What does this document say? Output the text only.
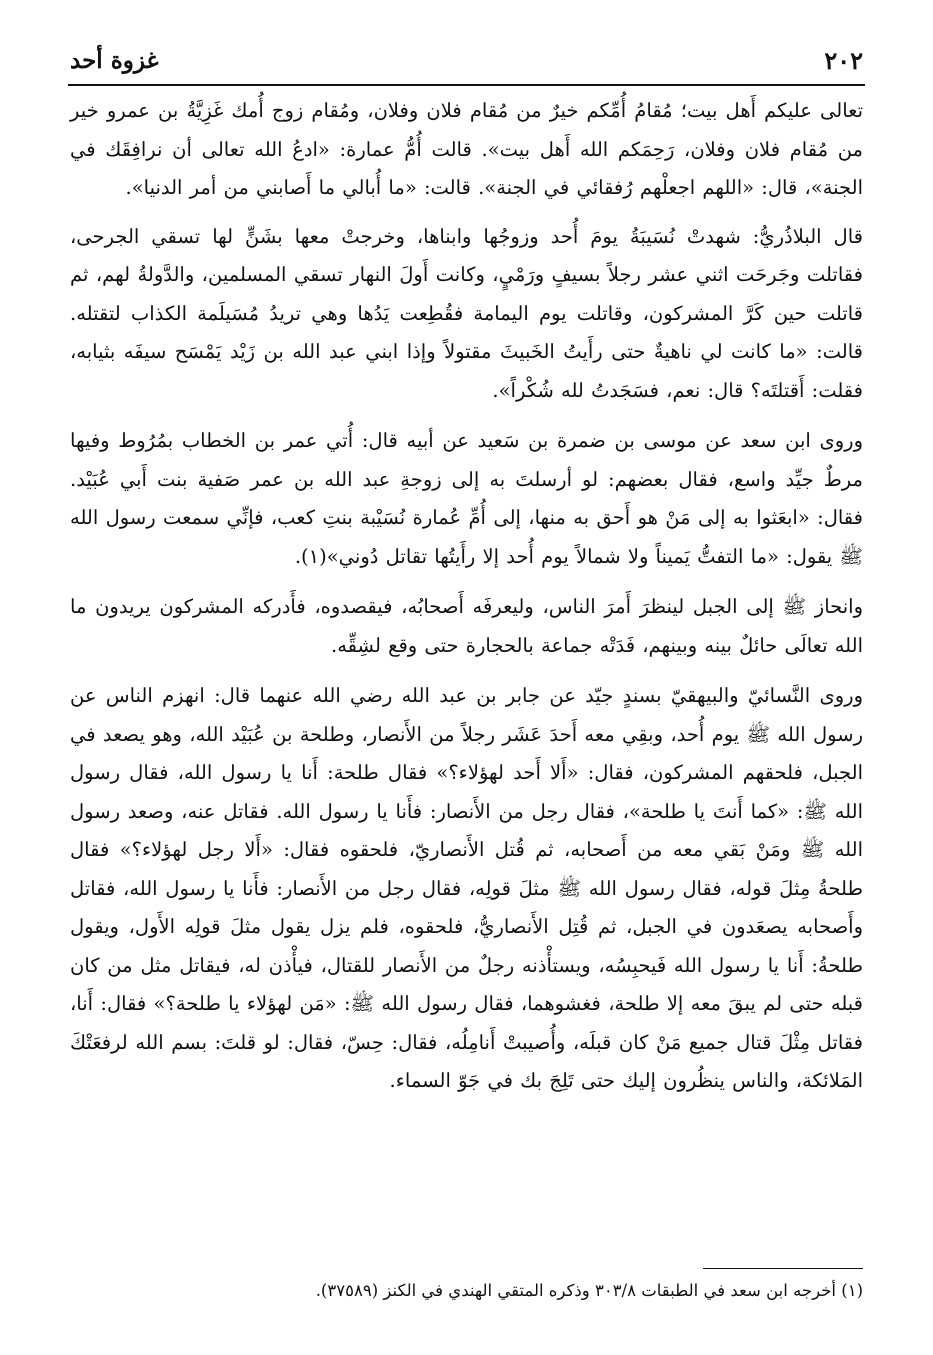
٢٠٢
غزوة أحد

تعالى عليكم أَهل بيت؛ مُقامُ أُمِّكم خيرٌ من مُقام فلان وفلان، ومُقام زوج أُمك غَزِيَّةُ بن عمرو خير من مُقام فلان وفلان، رَحِمَكم الله أَهل بيت». قالت أُمُّ عمارة: «ادعُ الله تعالى أن نرافِقَك في الجنة»، قال: «اللهم اجعلْهم رُفقائي في الجنة». قالت: «ما أُبالي ما أَصابني من أمر الدنيا».

قال البلاذُريُّ: شهدتْ نُسَيبَةُ يومَ أُحد وزوجُها وابناها، وخرجتْ معها بشَنٍّ لها تسقي الجرحى، فقاتلت وجَرحَت اثني عشر رجلاً بسيفٍ ورَمْيٍ، وكانت أَولَ النهار تسقي المسلمين، والدَّولةُ لهم، ثم قاتلت حين كَرَّ المشركون، وقاتلت يوم اليمامة فقُطِعت يَدُها وهي تريدُ مُسَيلَمة الكذاب لتقتله. قالت: «ما كانت لي ناهيةٌ حتى رأَيتُ الخَبيثَ مقتولاً وإذا ابني عبد الله بن زَيْد يَمْسَح سيفَه بثيابه، فقلت: أَقتلتَه؟ قال: نعم، فسَجَدتُ لله شُكْراً».

وروى ابن سعد عن موسى بن ضمرة بن سَعيد عن أبيه قال: أُتي عمر بن الخطاب بمُرُوط وفيها مرطٌ جيِّد واسع، فقال بعضهم: لو أرسلتَ به إلى زوجةِ عبد الله بن عمر صَفية بنت أَبي عُبَيْد. فقال: «ابعَثوا به إلى مَنْ هو أَحق به منها، إلى أُمِّ عُمارة نُسَيْبة بنتِ كعب، فإنِّي سمعت رسول الله ﷺ يقول: «ما التفتُّ يَميناً ولا شمالاً يوم أُحد إلا رأَيتُها تقاتل دُوني»(١).

وانحاز ﷺ إلى الجبل لينظرَ أَمرَ الناس، وليعرفَه أَصحابُه، فيقصدوه، فأَدركه المشركون يريدون ما الله تعالَى حائلٌ بينه وبينهم، فَدَتْه جماعة بالحجارة حتى وقع لشِقِّه.

وروى النَّسائيّ والبيهقيّ بسندٍ جيّد عن جابر بن عبد الله رضي الله عنهما قال: انهزم الناس عن رسول الله ﷺ يوم أُحد، وبقِي معه أَحدَ عَشَر رجلاً من الأَنصار، وطلحة بن عُبَيْد الله، وهو يصعد في الجبل، فلحقهم المشركون، فقال: «أَلا أَحد لهؤلاء؟» فقال طلحة: أَنا يا رسول الله، فقال رسول الله ﷺ: «كما أَنتَ يا طلحة»، فقال رجل من الأَنصار: فأَنا يا رسول الله. فقاتل عنه، وصعد رسول الله ﷺ ومَنْ بَقي معه من أَصحابه، ثم قُتل الأَنصاريّ، فلحقوه فقال: «أَلا رجل لهؤلاء؟» فقال طلحةُ مِثلَ قوله، فقال رسول الله ﷺ مثلَ قولِه، فقال رجل من الأَنصار: فأَنا يا رسول الله، فقاتل وأَصحابه يصعَدون في الجبل، ثم قُتِل الأَنصاريُّ، فلحقوه، فلم يزل يقول مثلَ قولِه الأَول، ويقول طلحةُ: أَنا يا رسول الله فَيحبِسُه، ويستأْذنه رجلٌ من الأَنصار للقتال، فيأْذن له، فيقاتل مثل من كان قبله حتى لم يبقَ معه إلا طلحة، فغشوهما، فقال رسول الله ﷺ: «مَن لهؤلاء يا طلحة؟» فقال: أَنا، فقاتل مِثْلَ قتال جميع مَنْ كان قبلَه، وأُصيبتْ أَنامِلُه، فقال: حِسّ، فقال: لو قلتَ: بسم الله لرفعَتْكَ المَلائكة، والناس ينظُرون إليك حتى تَلِجَ بك في جَوّ السماء.

(١) أخرجه ابن سعد في الطبقات ٣٠٣/٨ وذكره المتقي الهندي في الكنز (٣٧٥٨٩).
